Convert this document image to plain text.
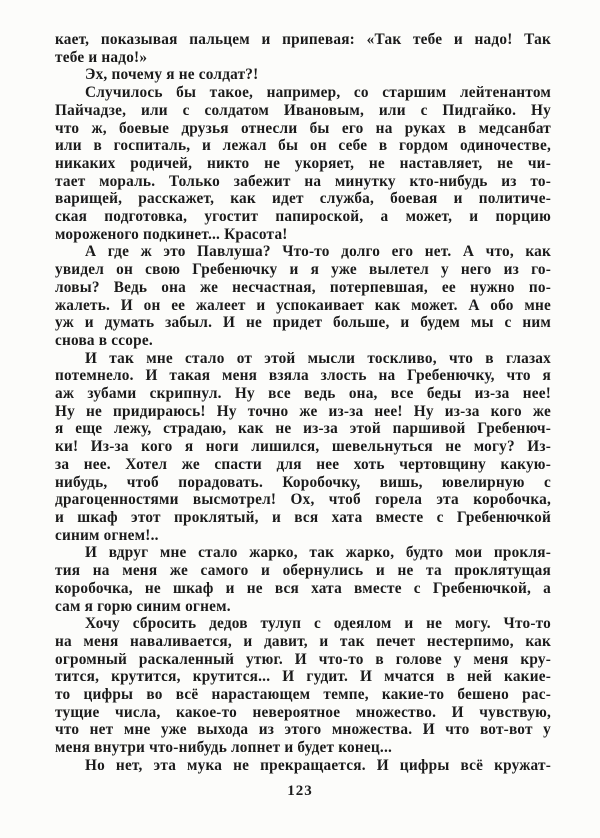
кает, показывая пальцем и припевая: «Так тебе и надо! Так
тебе и надо!»
Эх, почему я не солдат?!
Случилось бы такое, например, со старшим лейтенантом
Пайчадзе, или с солдатом Ивановым, или с Пидгайко. Ну
что ж, боевые друзья отнесли бы его на руках в медсанбат
или в госпиталь, и лежал бы он себе в гордом одиночестве,
никаких родичей, никто не укоряет, не наставляет, не чи-
тает мораль. Только забежит на минутку кто-нибудь из то-
варищей, расскажет, как идет служба, боевая и политиче-
ская подготовка, угостит папироской, а может, и порцию
мороженого подкинет... Красота!
А где ж это Павлуша? Что-то долго его нет. А что, как
увидел он свою Гребенючку и я уже вылетел у него из го-
ловы? Ведь она же несчастная, потерпевшая, ее нужно по-
жалеть. И он ее жалеет и успокаивает как может. А обо мне
уж и думать забыл. И не придет больше, и будем мы с ним
снова в ссоре.
И так мне стало от этой мысли тоскливо, что в глазах
потемнело. И такая меня взяла злость на Гребенючку, что я
аж зубами скрипнул. Ну все ведь она, все беды из-за нее!
Ну не придираюсь! Ну точно же из-за нее! Ну из-за кого же
я еще лежу, страдаю, как не из-за этой паршивой Гребенюч-
ки! Из-за кого я ноги лишился, шевельнуться не могу? Из-
за нее. Хотел же спасти для нее хоть чертовщину какую-
нибудь, чтоб порадовать. Коробочку, вишь, ювелирную с
драгоценностями высмотрел! Ох, чтоб горела эта коробочка,
и шкаф этот проклятый, и вся хата вместе с Гребенючкой
синим огнем!..
И вдруг мне стало жарко, так жарко, будто мои прокля-
тия на меня же самого и обернулись и не та проклятущая
коробочка, не шкаф и не вся хата вместе с Гребенючкой, а
сам я горю синим огнем.
Хочу сбросить дедов тулуп с одеялом и не могу. Что-то
на меня наваливается, и давит, и так печет нестерпимо, как
огромный раскаленный утюг. И что-то в голове у меня кру-
тится, крутится, крутится... И гудит. И мчатся в ней какие-
то цифры во всё нарастающем темпе, какие-то бешено рас-
тущие числа, какое-то невероятное множество. И чувствую,
что нет мне уже выхода из этого множества. И что вот-вот у
меня внутри что-нибудь лопнет и будет конец...
Но нет, эта мука не прекращается. И цифры всё кружат-
123
